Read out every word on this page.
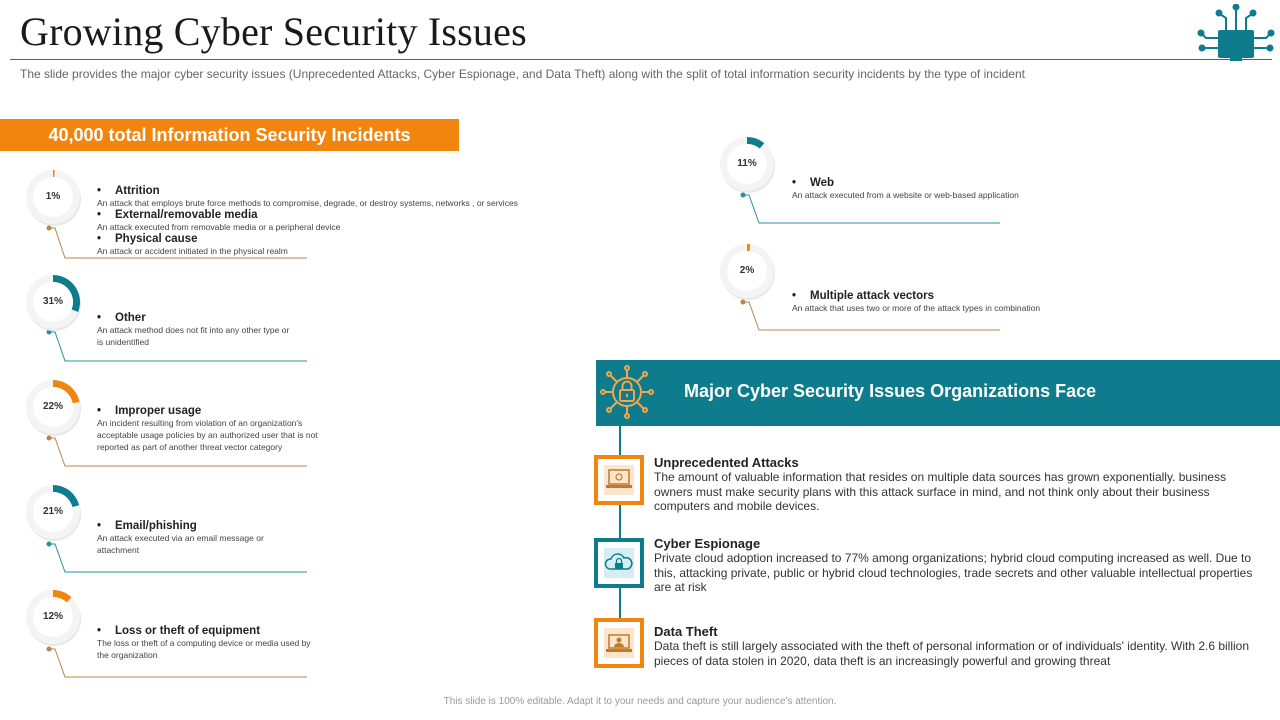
Growing Cyber Security Issues
The slide provides the major cyber security issues (Unprecedented Attacks, Cyber Espionage, and Data Theft) along with the split of total information security incidents by the type of incident
40,000 total Information Security Incidents
1%	• Attrition
An attack that employs brute force methods to compromise, degrade, or destroy systems, networks , or services
• External/removable media
An attack executed from removable media or a peripheral device
• Physical cause
An attack or accident initiated in the physical realm
31%
• Other
An attack method does not fit into any other type or is unidentified
22%	• Improper usage
An incident resulting from violation of an organization's acceptable usage policies by an authorized user that is not reported as part of another threat vector category
21%
• Email/phishing
An attack executed via an email message or attachment
12%
• Loss or theft of equipment
The loss or theft of a computing device or media used by the organization
11%
• Web
An attack executed from a website or web-based application
2%
• Multiple attack vectors
An attack that uses two or more of the attack types in combination
Major Cyber Security Issues Organizations Face
Unprecedented Attacks
The amount of valuable information that resides on multiple data sources has grown exponentially. business owners must make security plans with this attack surface in mind, and not think only about their business computers and mobile devices.
Cyber Espionage
Private cloud adoption increased to 77% among organizations; hybrid cloud computing increased as well. Due to this, attacking private, public or hybrid cloud technologies, trade secrets and other valuable intellectual properties are at risk
Data Theft
Data theft is still largely associated with the theft of personal information or of individuals' identity. With 2.6 billion pieces of data stolen in 2020, data theft is an increasingly powerful and growing threat
This slide is 100% editable. Adapt it to your needs and capture your audience's attention.
